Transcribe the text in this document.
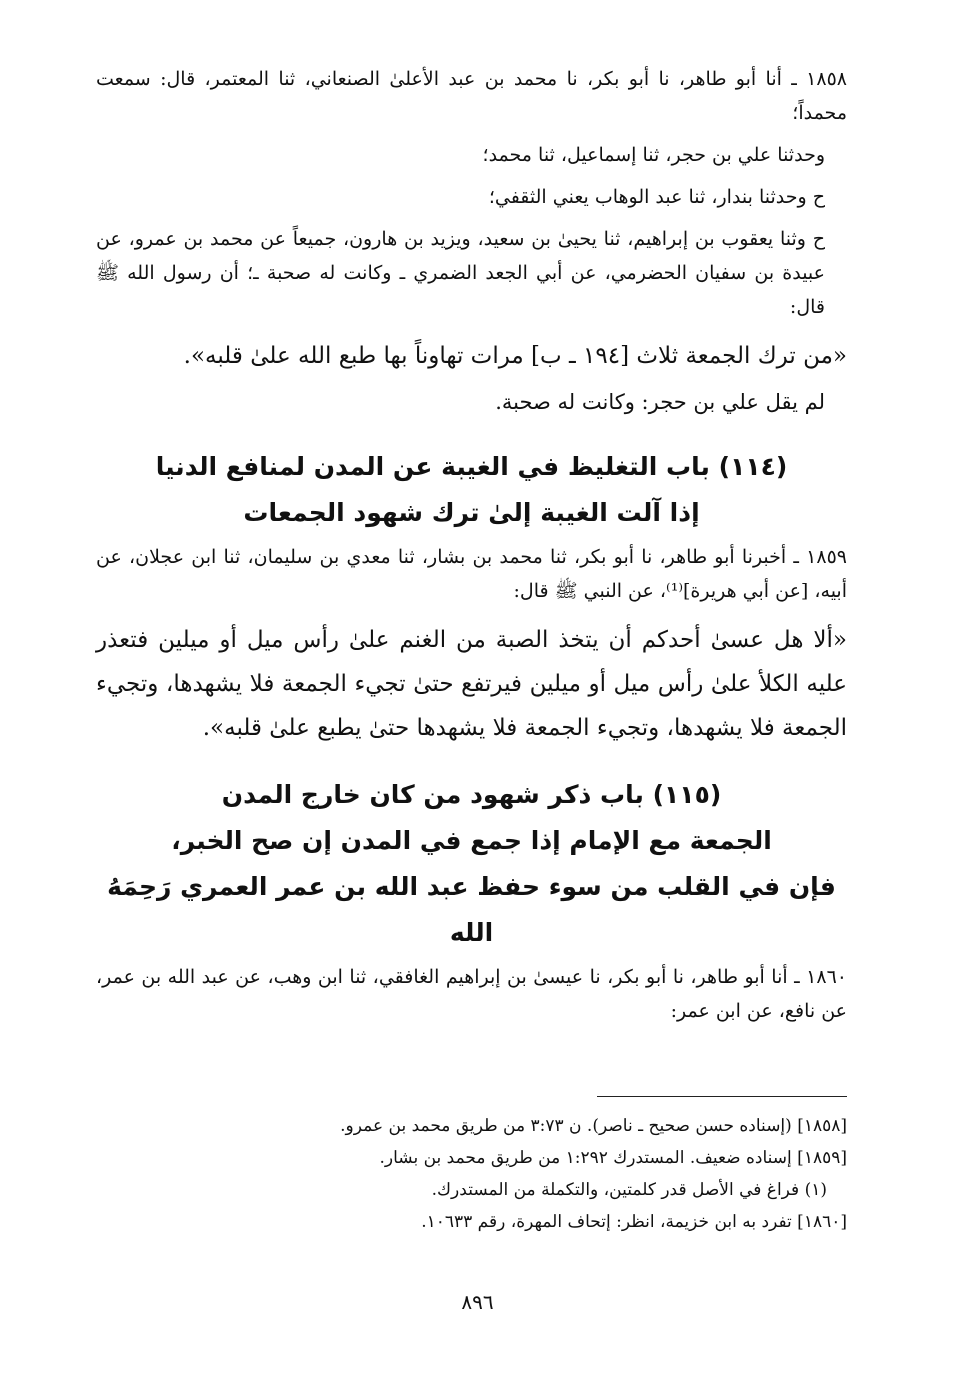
١٨٥٨ ـ أنا أبو طاهر، نا أبو بكر، نا محمد بن عبد الأعلىٰ الصنعاني، ثنا المعتمر، قال: سمعت محمداً؛

وحدثنا علي بن حجر، ثنا إسماعيل، ثنا محمد؛

ح وحدثنا بندار، ثنا عبد الوهاب يعني الثقفي؛

ح وثنا يعقوب بن إبراهيم، ثنا يحيىٰ بن سعيد، ويزيد بن هارون، جميعاً عن محمد بن عمرو، عن عبيدة بن سفيان الحضرمي، عن أبي الجعد الضمري ـ وكانت له صحبة ـ؛ أن رسول الله ﷺ قال:

«من ترك الجمعة ثلاث [١٩٤ ـ ب] مرات تهاوناً بها طبع الله علىٰ قلبه».

لم يقل علي بن حجر: وكانت له صحبة.

(١١٤) باب التغليظ في الغيبة عن المدن لمنافع الدنيا
إذا آلت الغيبة إلىٰ ترك شهود الجمعات

١٨٥٩ ـ أخبرنا أبو طاهر، نا أبو بكر، ثنا محمد بن بشار، ثنا معدي بن سليمان، ثنا ابن عجلان، عن أبيه، [عن أبي هريرة]⁽¹⁾، عن النبي ﷺ قال:

«ألا هل عسىٰ أحدكم أن يتخذ الصبة من الغنم علىٰ رأس ميل أو ميلين فتعذر عليه الكلأ علىٰ رأس ميل أو ميلين فيرتفع حتىٰ تجيء الجمعة فلا يشهدها، وتجيء الجمعة فلا يشهدها، وتجيء الجمعة فلا يشهدها حتىٰ يطبع علىٰ قلبه».

(١١٥) باب ذكر شهود من كان خارج المدن
الجمعة مع الإمام إذا جمع في المدن إن صح الخبر،
فإن في القلب من سوء حفظ عبد الله بن عمر العمري رَحِمَهُ الله

١٨٦٠ ـ أنا أبو طاهر، نا أبو بكر، نا عيسىٰ بن إبراهيم الغافقي، ثنا ابن وهب، عن عبد الله بن عمر، عن نافع، عن ابن عمر:

[١٨٥٨] (إسناده حسن صحيح ـ ناصر). ن ٣:٧٣ من طريق محمد بن عمرو.

[١٨٥٩] إسناده ضعيف. المستدرك ١:٢٩٢ من طريق محمد بن بشار.

(١) فراغ في الأصل قدر كلمتين، والتكملة من المستدرك.

[١٨٦٠] تفرد به ابن خزيمة، انظر: إتحاف المهرة، رقم ١٠٦٣٣.

٨٩٦
